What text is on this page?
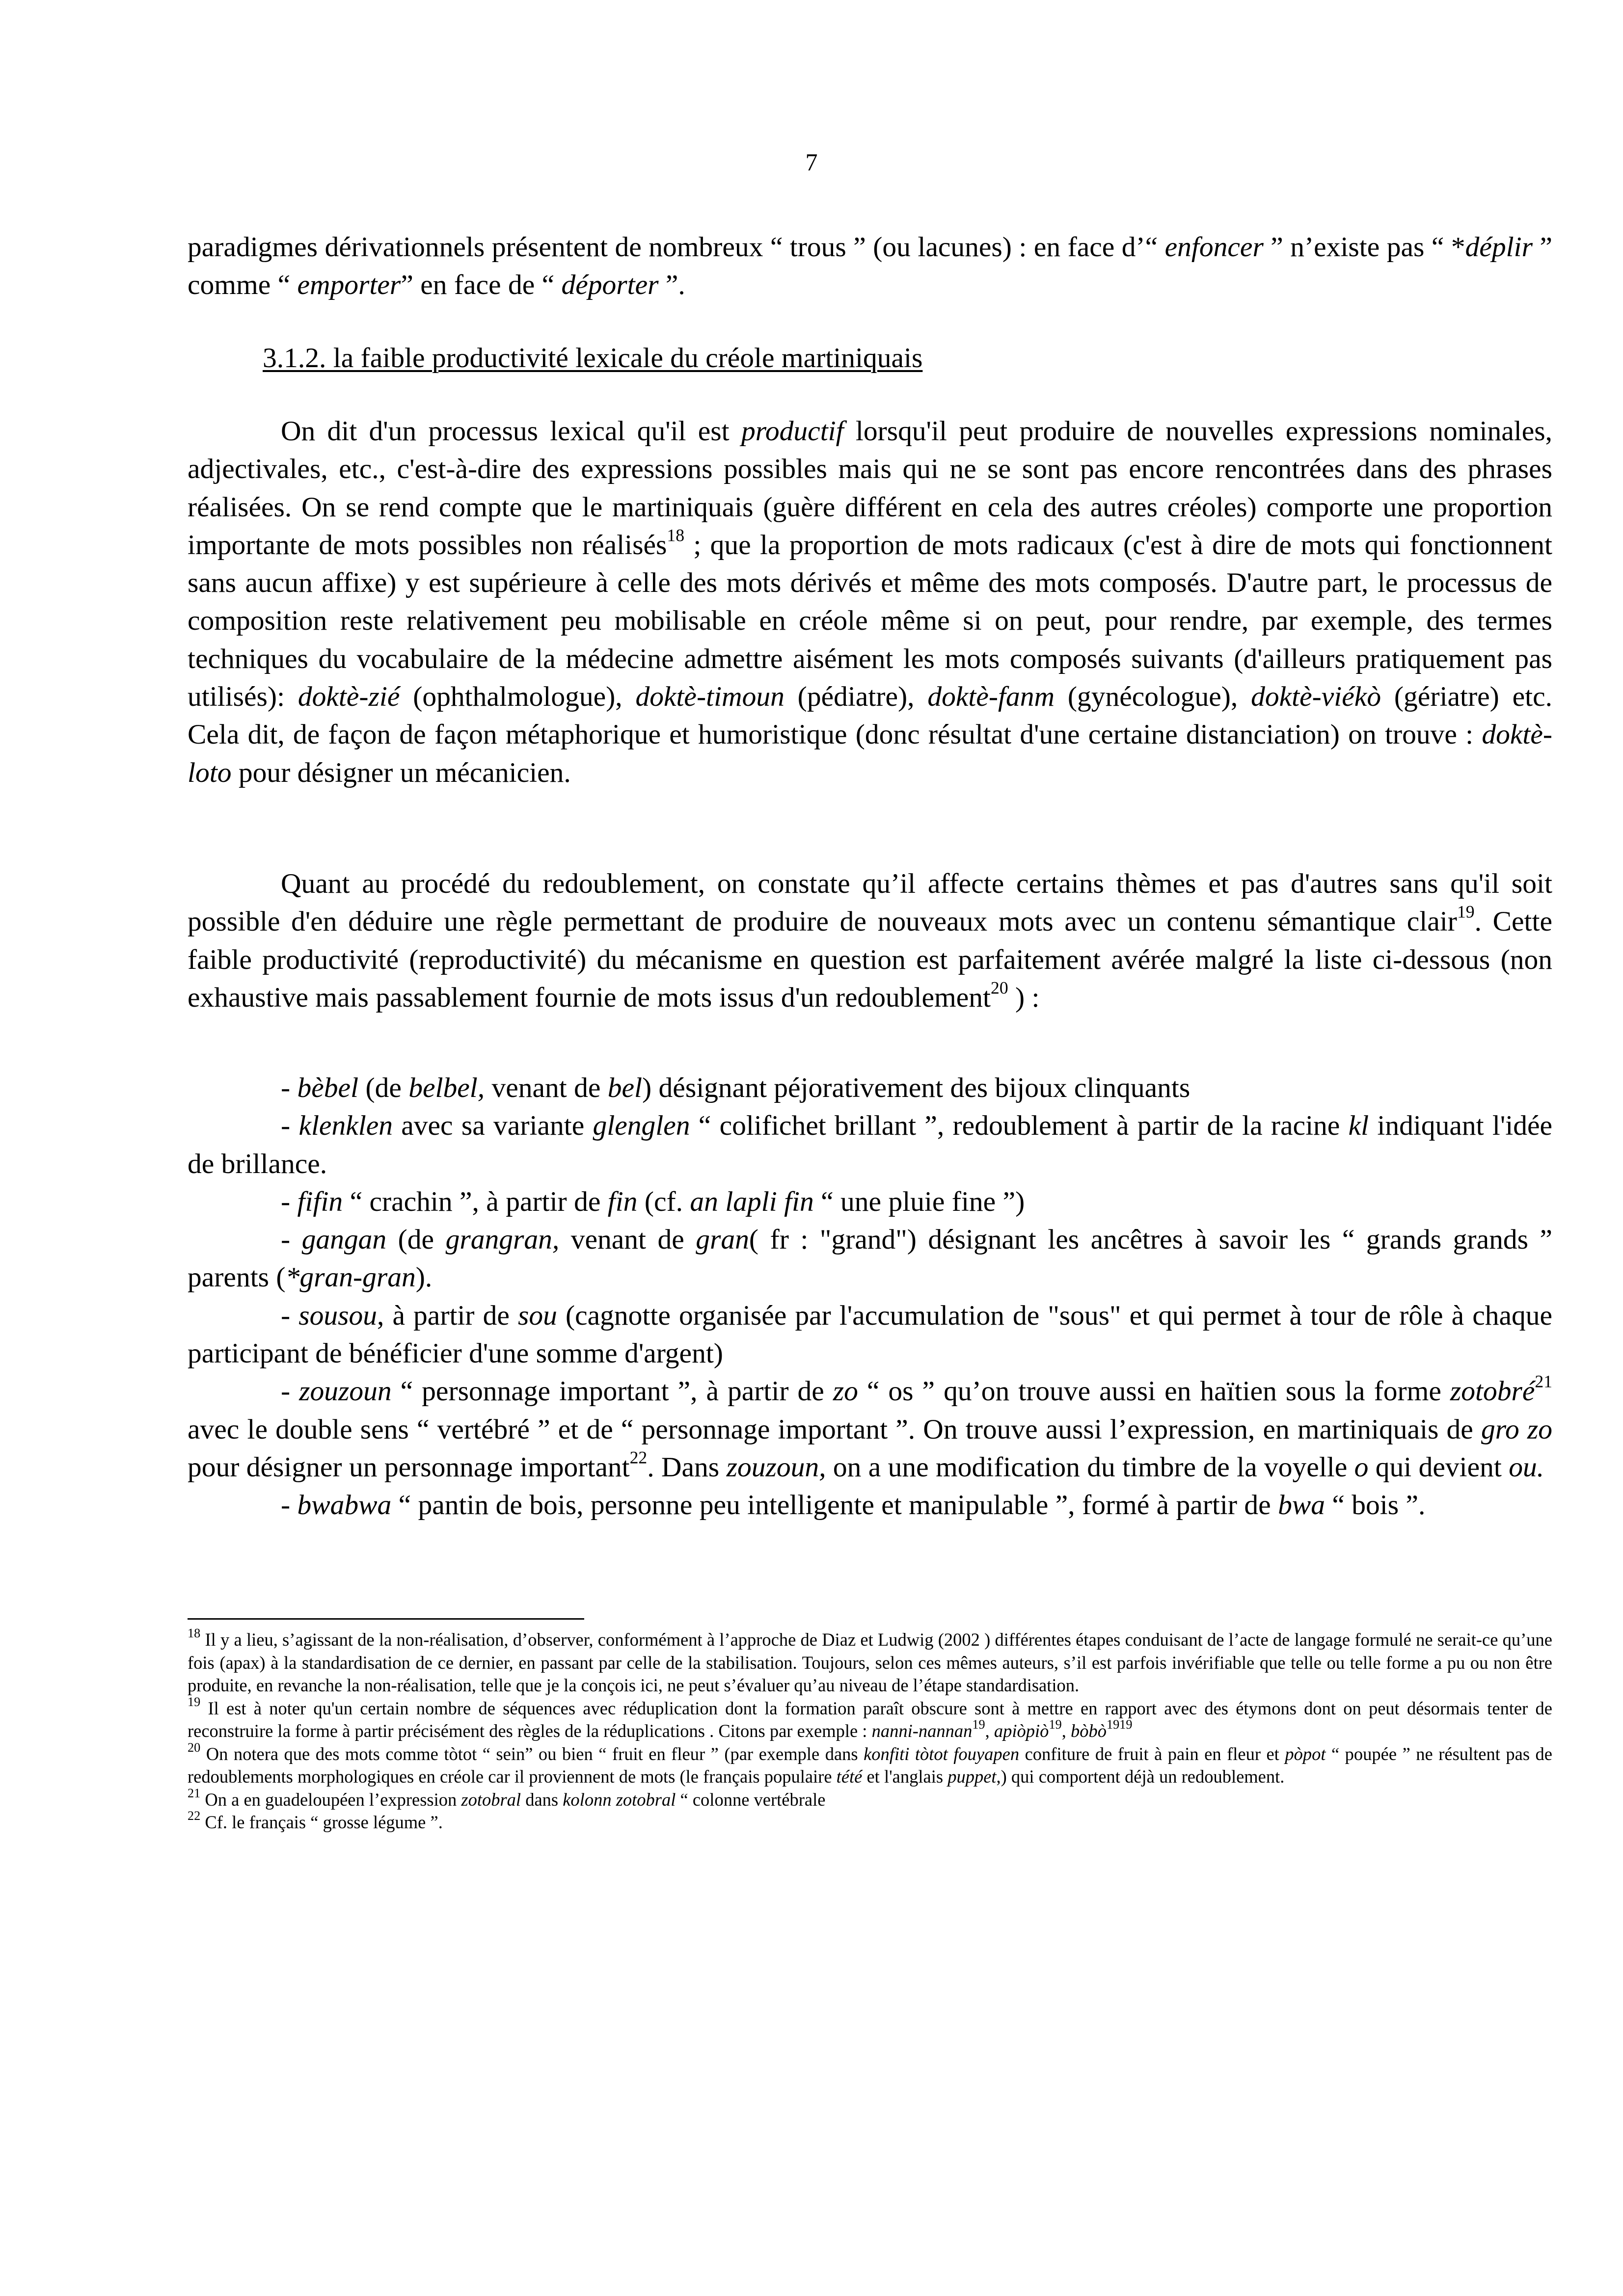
7

paradigmes dérivationnels présentent de nombreux “ trous ” (ou lacunes) : en face d’“ enfoncer ” n’existe pas “ *déplir ” comme “ emporter” en face de “ déporter ”.

3.1.2. la faible productivité lexicale du créole martiniquais

On dit d'un processus lexical qu'il est productif lorsqu'il peut produire de nouvelles expressions nominales, adjectivales, etc., c'est-à-dire des expressions possibles mais qui ne se sont pas encore rencontrées dans des phrases réalisées. On se rend compte que le martiniquais (guère différent en cela des autres créoles) comporte une proportion importante de mots possibles non réalisés$^{18}$ ; que la proportion de mots radicaux (c'est à dire de mots qui fonctionnent sans aucun affixe) y est supérieure à celle des mots dérivés et même des mots composés. D'autre part, le processus de composition reste relativement peu mobilisable en créole même si on peut, pour rendre, par exemple, des termes techniques du vocabulaire de la médecine admettre aisément les mots composés suivants (d'ailleurs pratiquement pas utilisés): doktè-zié (ophthalmologue), doktè-timoun (pédiatre), doktè-fanm (gynécologue), doktè-viékò (gériatre) etc. Cela dit, de façon de façon métaphorique et humoristique (donc résultat d'une certaine distanciation) on trouve : doktè-loto pour désigner un mécanicien.

Quant au procédé du redoublement, on constate qu’il affecte certains thèmes et pas d'autres sans qu'il soit possible d'en déduire une règle permettant de produire de nouveaux mots avec un contenu sémantique clair$^{19}$. Cette faible productivité (reproductivité) du mécanisme en question est parfaitement avérée malgré la liste ci-dessous (non exhaustive mais passablement fournie de mots issus d'un redoublement$^{20}$ ) :

- bèbel (de belbel, venant de bel) désignant péjorativement des bijoux clinquants

- klenklen avec sa variante glenglen “ colifichet brillant ”, redoublement à partir de la racine kl indiquant l'idée de brillance.

- fifin “ crachin ”, à partir de fin (cf. an lapli fin “ une pluie fine ”)

- gangan (de grangran, venant de gran( fr : "grand") désignant les ancêtres à savoir les “ grands grands ” parents (*gran-gran).

- sousou, à partir de sou (cagnotte organisée par l'accumulation de "sous" et qui permet à tour de rôle à chaque participant de bénéficier d'une somme d'argent)

- zouzoun “ personnage important ”, à partir de zo “ os ” qu’on trouve aussi en haïtien sous la forme zotobré$^{21}$ avec le double sens “ vertébré ” et de “ personnage important ”. On trouve aussi l’expression, en martiniquais de gro zo pour désigner un personnage important$^{22}$. Dans zouzoun, on a une modification du timbre de la voyelle o qui devient ou.

- bwabwa “ pantin de bois, personne peu intelligente et manipulable ”, formé à partir de bwa “ bois ”.

$^{18}$ Il y a lieu, s’agissant de la non-réalisation, d’observer, conformément à l’approche de Diaz et Ludwig (2002 ) différentes étapes conduisant de l’acte de langage formulé ne serait-ce qu’une fois (apax) à la standardisation de ce dernier, en passant par celle de la stabilisation. Toujours, selon ces mêmes auteurs, s’il est parfois invérifiable que telle ou telle forme a pu ou non être produite, en revanche la non-réalisation, telle que je la conçois ici, ne peut s’évaluer qu’au niveau de l’étape standardisation.

$^{19}$ Il est à noter qu'un certain nombre de séquences avec réduplication dont la formation paraît obscure sont à mettre en rapport avec des étymons dont on peut désormais tenter de reconstruire la forme à partir précisément des règles de la réduplications . Citons par exemple : nanni-nannan$^{19}$, apiòpiò$^{19}$, bòbò$^{1919}$

$^{20}$ On notera que des mots comme tòtot “ sein” ou bien “ fruit en fleur ” (par exemple dans konfiti tòtot fouyapen confiture de fruit à pain en fleur et pòpot “ poupée ” ne résultent pas de redoublements morphologiques en créole car il proviennent de mots (le français populaire tété et l'anglais puppet,) qui comportent déjà un redoublement.

$^{21}$ On a en guadeloupéen l’expression zotobral dans kolonn zotobral “ colonne vertébrale

$^{22}$ Cf. le français “ grosse légume ”.
